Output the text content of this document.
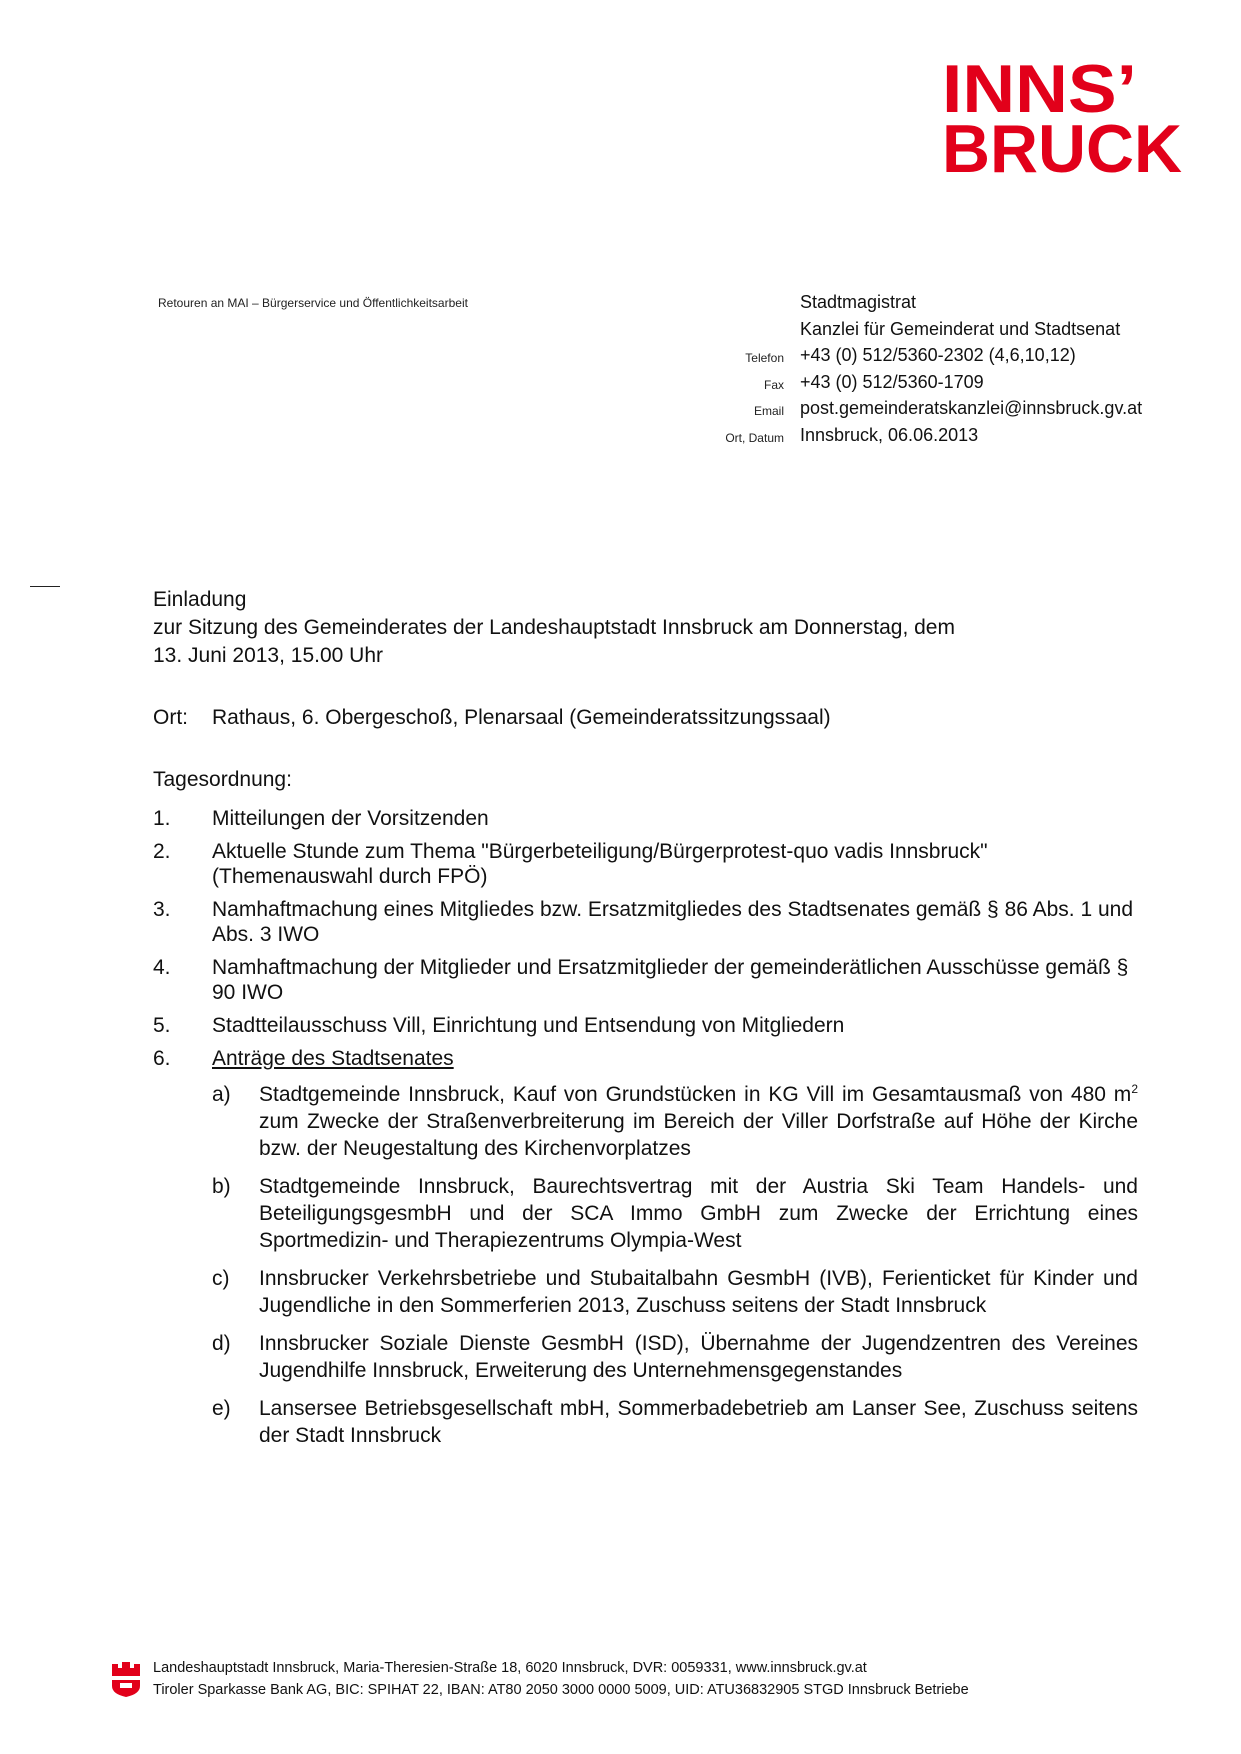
INNS’
BRUCK
Retouren an MAI – Bürgerservice und Öffentlichkeitsarbeit	Stadtmagistrat
Kanzlei für Gemeinderat und Stadtsenat
Telefon +43 (0) 512/5360-2302 (4,6,10,12)
Fax +43 (0) 512/5360-1709
Email post.gemeinderatskanzlei@innsbruck.gv.at
Ort, Datum Innsbruck, 06.06.2013
Einladung
zur Sitzung des Gemeinderates der Landeshauptstadt Innsbruck am Donnerstag, dem
13. Juni 2013, 15.00 Uhr
Ort:	Rathaus, 6. Obergeschoß, Plenarsaal (Gemeinderatssitzungssaal)
Tagesordnung:
1.	Mitteilungen der Vorsitzenden
2.	Aktuelle Stunde zum Thema "Bürgerbeteiligung/Bürgerprotest-quo vadis Innsbruck" (Themenauswahl durch FPÖ)
3.	Namhaftmachung eines Mitgliedes bzw. Ersatzmitgliedes des Stadtsenates gemäß § 86 Abs. 1 und Abs. 3 IWO
4.	Namhaftmachung der Mitglieder und Ersatzmitglieder der gemeinderätlichen Ausschüsse gemäß § 90 IWO
5.	Stadtteilausschuss Vill, Einrichtung und Entsendung von Mitgliedern
6.	Anträge des Stadtsenates
a)	Stadtgemeinde Innsbruck, Kauf von Grundstücken in KG Vill im Gesamtausmaß von 480 $m^2$ zum Zwecke der Straßenverbreiterung im Bereich der Viller Dorfstraße auf Höhe der Kirche bzw. der Neugestaltung des Kirchenvorplatzes
b)	Stadtgemeinde Innsbruck, Baurechtsvertrag mit der Austria Ski Team Handels- und BeteiligungsgesmbH und der SCA Immo GmbH zum Zwecke der Errichtung eines Sportmedizin- und Therapiezentrums Olympia-West
c)	Innsbrucker Verkehrsbetriebe und Stubaitalbahn GesmbH (IVB), Ferienticket für Kinder und Jugendliche in den Sommerferien 2013, Zuschuss seitens der Stadt Innsbruck
d)	Innsbrucker Soziale Dienste GesmbH (ISD), Übernahme der Jugendzentren des Vereines Jugendhilfe Innsbruck, Erweiterung des Unternehmensgegenstandes
e)	Lansersee Betriebsgesellschaft mbH, Sommerbadebetrieb am Lanser See, Zuschuss seitens der Stadt Innsbruck
Landeshauptstadt Innsbruck, Maria-Theresien-Straße 18, 6020 Innsbruck, DVR: 0059331, www.innsbruck.gv.at
Tiroler Sparkasse Bank AG, BIC: SPIHAT 22, IBAN: AT80 2050 3000 0000 5009, UID: ATU36832905 STGD Innsbruck Betriebe
